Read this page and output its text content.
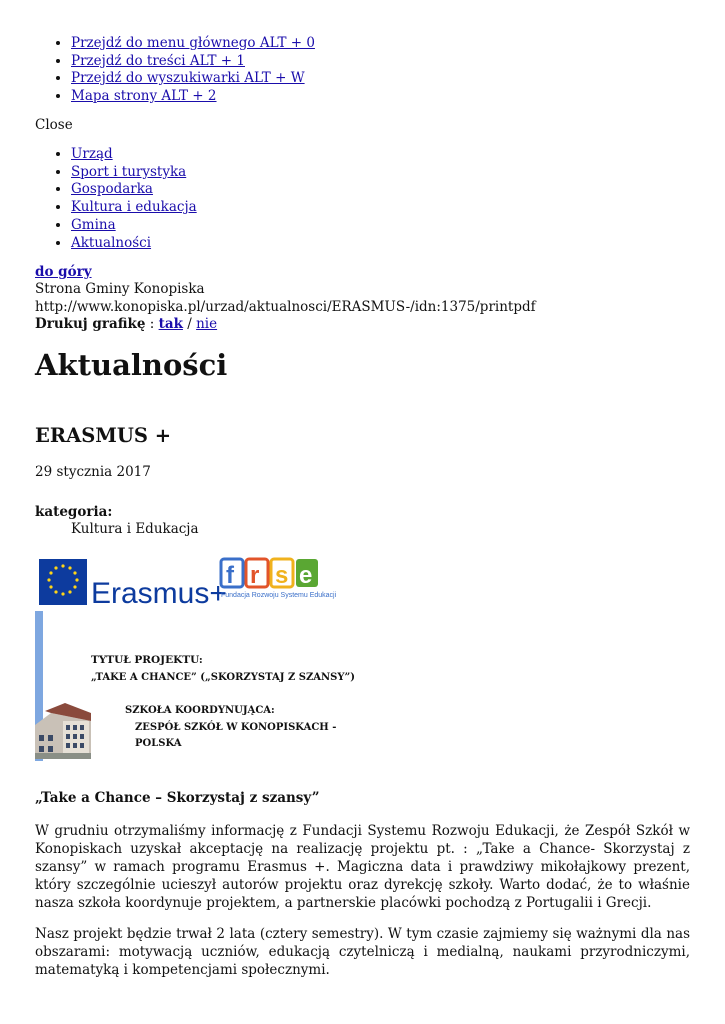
• Przejdź do menu głównego ALT + 0
• Przejdź do treści ALT + 1
• Przejdź do wyszukiwarki ALT + W
• Mapa strony ALT + 2
Close
• Urząd
• Sport i turystyka
• Gospodarka
• Kultura i edukacja
• Gmina
• Aktualności
do góry
Strona Gminy Konopiska
http://www.konopiska.pl/urzad/aktualnosci/ERASMUS-/idn:1375/printpdf
Drukuj grafikę : tak / nie
Aktualności
ERASMUS +
29 stycznia 2017
kategoria:
Kultura i Edukacja
Erasmus+
f r s e
Fundacja Rozwoju Systemu Edukacji
TYTUŁ PROJEKTU:
„TAKE A CHANCE” („SKORZYSTAJ Z SZANSY”)
SZKOŁA KOORDYNUJĄCA:
ZESPÓŁ SZKÓŁ W KONOPISKACH -
POLSKA
„Take a Chance – Skorzystaj z szansy”

W grudniu otrzymaliśmy informację z Fundacji Systemu Rozwoju Edukacji, że Zespół Szkół w Konopiskach uzyskał akceptację na realizację projektu pt. : „Take a Chance- Skorzystaj z szansy” w ramach programu Erasmus +. Magiczna data i prawdziwy mikołajkowy prezent, który szczególnie ucieszył autorów projektu oraz dyrekcję szkoły. Warto dodać, że to właśnie nasza szkoła koordynuje projektem, a partnerskie placówki pochodzą z Portugalii i Grecji.

Nasz projekt będzie trwał 2 lata (cztery semestry). W tym czasie zajmiemy się ważnymi dla nas obszarami: motywacją uczniów, edukacją czytelniczą i medialną, naukami przyrodniczymi, matematyką i kompetencjami społecznymi.
